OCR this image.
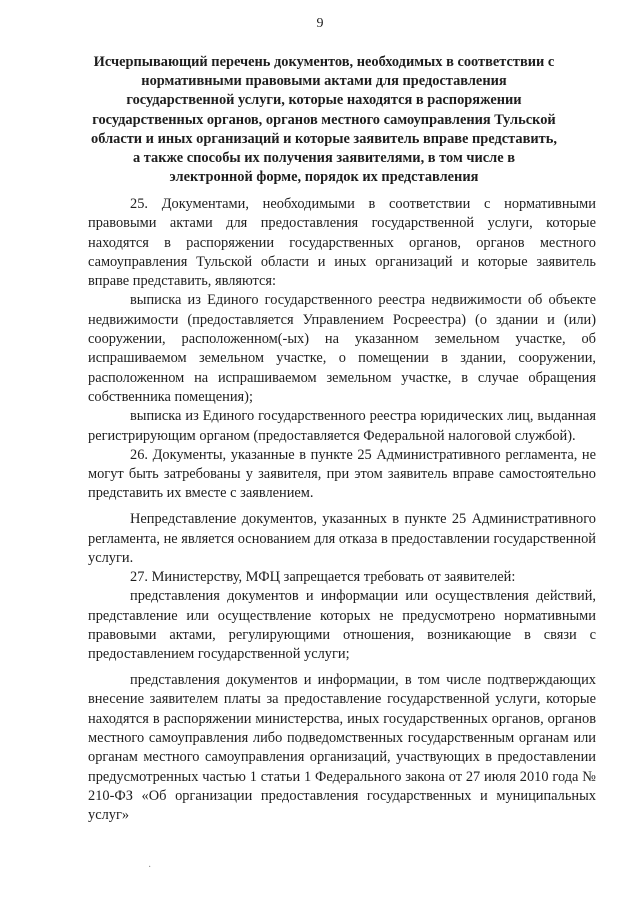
9
Исчерпывающий перечень документов, необходимых в соответствии с нормативными правовыми актами для предоставления государственной услуги, которые находятся в распоряжении государственных органов, органов местного самоуправления Тульской области и иных организаций и которые заявитель вправе представить, а также способы их получения заявителями, в том числе в электронной форме, порядок их представления

25. Документами, необходимыми в соответствии с нормативными правовыми актами для предоставления государственной услуги, которые находятся в распоряжении государственных органов, органов местного самоуправления Тульской области и иных организаций и которые заявитель вправе представить, являются:

выписка из Единого государственного реестра недвижимости об объекте недвижимости (предоставляется Управлением Росреестра) (о здании и (или) сооружении, расположенном(-ых) на указанном земельном участке, об испрашиваемом земельном участке, о помещении в здании, сооружении, расположенном на испрашиваемом земельном участке, в случае обращения собственника помещения);

выписка из Единого государственного реестра юридических лиц, выданная регистрирующим органом (предоставляется Федеральной налоговой службой).

26. Документы, указанные в пункте 25 Административного регламента, не могут быть затребованы у заявителя, при этом заявитель вправе самостоятельно представить их вместе с заявлением.

Непредставление документов, указанных в пункте 25 Административного регламента, не является основанием для отказа в предоставлении государственной услуги.

27. Министерству, МФЦ запрещается требовать от заявителей:

представления документов и информации или осуществления действий, представление или осуществление которых не предусмотрено нормативными правовыми актами, регулирующими отношения, возникающие в связи с предоставлением государственной услуги;

представления документов и информации, в том числе подтверждающих внесение заявителем платы за предоставление государственной услуги, которые находятся в распоряжении министерства, иных государственных органов, органов местного самоуправления либо подведомственных государственным органам или органам местного самоуправления организаций, участвующих в предоставлении предусмотренных частью 1 статьи 1 Федерального закона от 27 июля 2010 года № 210-ФЗ «Об организации предоставления государственных и муниципальных услуг»

·
